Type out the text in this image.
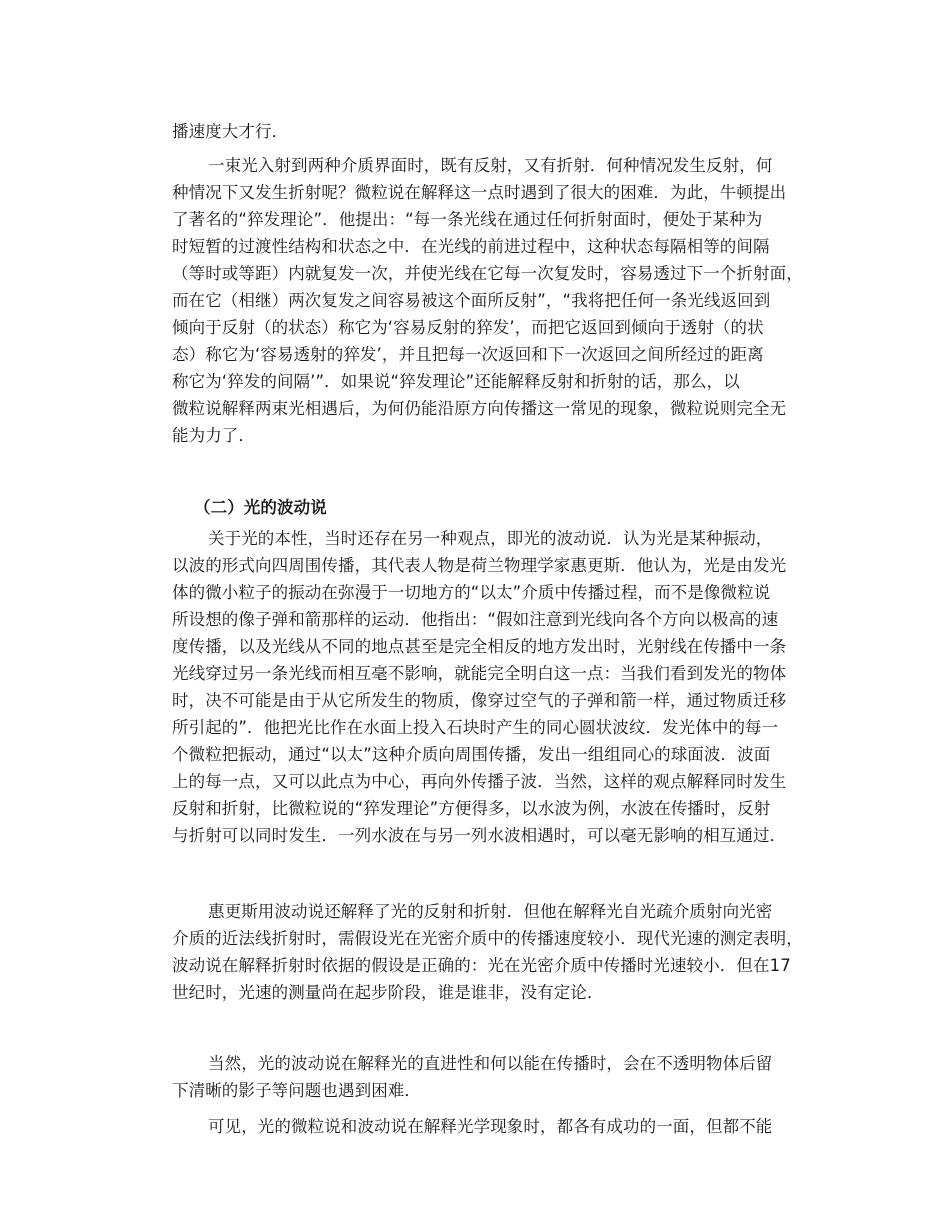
播速度大才行．
一束光入射到两种介质界面时，既有反射，又有折射．何种情况发生反射，何
种情况下又发生折射呢？微粒说在解释这一点时遇到了很大的困难．为此，牛顿提出
了著名的“猝发理论”．他提出：“每一条光线在通过任何折射面时，便处于某种为
时短暂的过渡性结构和状态之中．在光线的前进过程中，这种状态每隔相等的间隔
（等时或等距）内就复发一次，并使光线在它每一次复发时，容易透过下一个折射面，
而在它（相继）两次复发之间容易被这个面所反射”，“我将把任何一条光线返回到
倾向于反射（的状态）称它为‘容易反射的猝发’，而把它返回到倾向于透射（的状
态）称它为‘容易透射的猝发’，并且把每一次返回和下一次返回之间所经过的距离
称它为‘猝发的间隔’”．如果说“猝发理论”还能解释反射和折射的话，那么，以
微粒说解释两束光相遇后，为何仍能沿原方向传播这一常见的现象，微粒说则完全无
能为力了．
（二）光的波动说
关于光的本性，当时还存在另一种观点，即光的波动说．认为光是某种振动，
以波的形式向四周围传播，其代表人物是荷兰物理学家惠更斯．他认为，光是由发光
体的微小粒子的振动在弥漫于一切地方的“以太”介质中传播过程，而不是像微粒说
所设想的像子弹和箭那样的运动．他指出：“假如注意到光线向各个方向以极高的速
度传播，以及光线从不同的地点甚至是完全相反的地方发出时，光射线在传播中一条
光线穿过另一条光线而相互毫不影响，就能完全明白这一点：当我们看到发光的物体
时，决不可能是由于从它所发生的物质，像穿过空气的子弹和箭一样，通过物质迁移
所引起的”．他把光比作在水面上投入石块时产生的同心圆状波纹．发光体中的每一
个微粒把振动，通过“以太”这种介质向周围传播，发出一组组同心的球面波．波面
上的每一点，又可以此点为中心，再向外传播子波．当然，这样的观点解释同时发生
反射和折射，比微粒说的“猝发理论”方便得多，以水波为例，水波在传播时，反射
与折射可以同时发生．一列水波在与另一列水波相遇时，可以毫无影响的相互通过．
惠更斯用波动说还解释了光的反射和折射．但他在解释光自光疏介质射向光密
介质的近法线折射时，需假设光在光密介质中的传播速度较小．现代光速的测定表明，
波动说在解释折射时依据的假设是正确的：光在光密介质中传播时光速较小．但在17
世纪时，光速的测量尚在起步阶段，谁是谁非，没有定论．
当然，光的波动说在解释光的直进性和何以能在传播时，会在不透明物体后留
下清晰的影子等问题也遇到困难．
可见，光的微粒说和波动说在解释光学现象时，都各有成功的一面，但都不能
